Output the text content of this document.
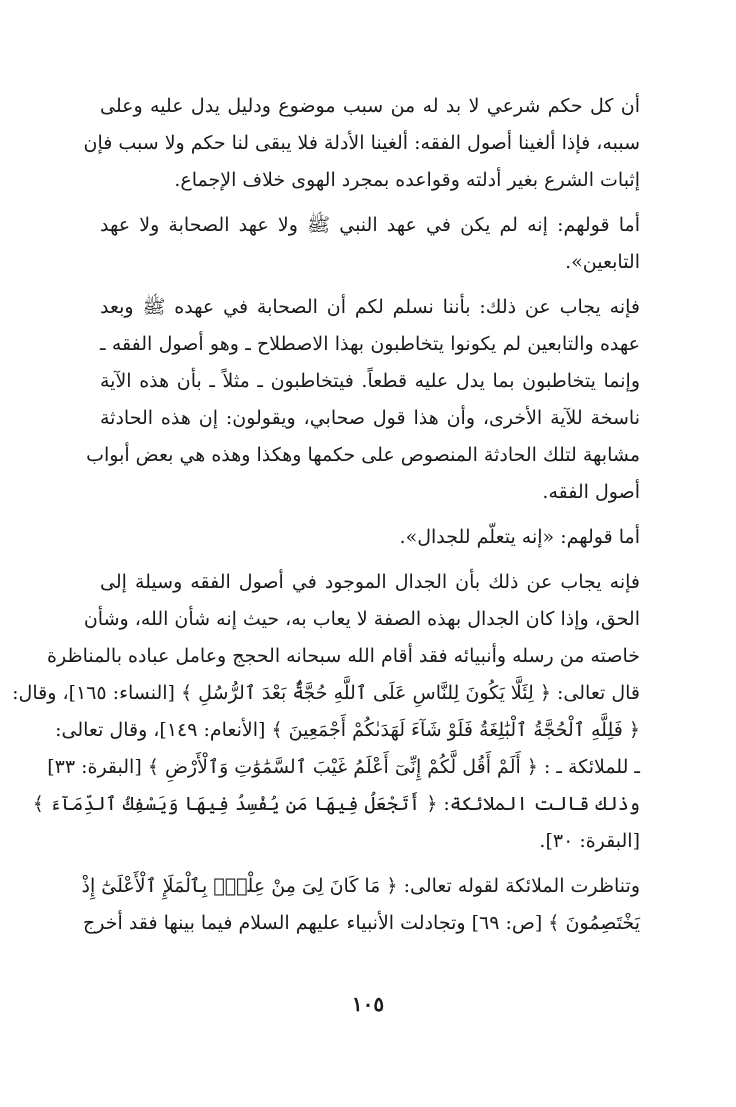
أن كل حكم شرعي لا بد له من سبب موضوع ودليل يدل عليه وعلى
سببه، فإذا ألغينا أصول الفقه: ألغينا الأدلة فلا يبقى لنا حكم ولا سبب فإن
إثبات الشرع بغير أدلته وقواعده بمجرد الهوى خلاف الإجماع.
أما قولهم: إنه لم يكن في عهد النبي ﷺ ولا عهد الصحابة ولا عهد
التابعين».
فإنه يجاب عن ذلك: بأننا نسلم لكم أن الصحابة في عهده ﷺ وبعد
عهده والتابعين لم يكونوا يتخاطبون بهذا الاصطلاح ـ وهو أصول الفقه ـ
وإنما يتخاطبون بما يدل عليه قطعاً. فيتخاطبون ـ مثلاً ـ بأن هذه الآية
ناسخة للآية الأخرى، وأن هذا قول صحابي، ويقولون: إن هذه الحادثة
مشابهة لتلك الحادثة المنصوص على حكمها وهكذا وهذه هي بعض أبواب
أصول الفقه.
أما قولهم: «إنه يتعلّم للجدال».
فإنه يجاب عن ذلك بأن الجدال الموجود في أصول الفقه وسيلة إلى
الحق، وإذا كان الجدال بهذه الصفة لا يعاب به، حيث إنه شأن الله، وشأن
خاصته من رسله وأنبيائه فقد أقام الله سبحانه الحجج وعامل عباده بالمناظرة
قال تعالى: ﴿ لِئَلَّا يَكُونَ لِلنَّاسِ عَلَى ٱللَّهِ حُجَّةٌۢ بَعْدَ ٱلرُّسُلِ ﴾ [النساء: ١٦٥]، وقال:
﴿ فَلِلَّهِ ٱلْحُجَّةُ ٱلْبَٰلِغَةُ فَلَوْ شَآءَ لَهَدَىٰكُمْ أَجْمَعِينَ ﴾ [الأنعام: ١٤٩]، وقال تعالى:
ـ للملائكة ـ : ﴿ أَلَمْ أَقُل لَّكُمْ إِنِّىٓ أَعْلَمُ غَيْبَ ٱلسَّمَٰوَٰتِ وَٱلْأَرْضِ ﴾ [البقرة: ٣٣]
وذلك قالت الملائكة: ﴿ أَتَجْعَلُ فِيهَا مَن يُفْسِدُ فِيهَا وَيَسْفِكُ ٱلدِّمَآءَ ﴾
[البقرة: ٣٠].
وتناظرت الملائكة لقوله تعالى: ﴿ مَا كَانَ لِىَ مِنْ عِلْمٍۭ بِٱلْمَلَإِ ٱلْأَعْلَىٰٓ إِذْ
يَخْتَصِمُونَ ﴾ [ص: ٦٩] وتجادلت الأنبياء عليهم السلام فيما بينها فقد أخرج
١٠٥
